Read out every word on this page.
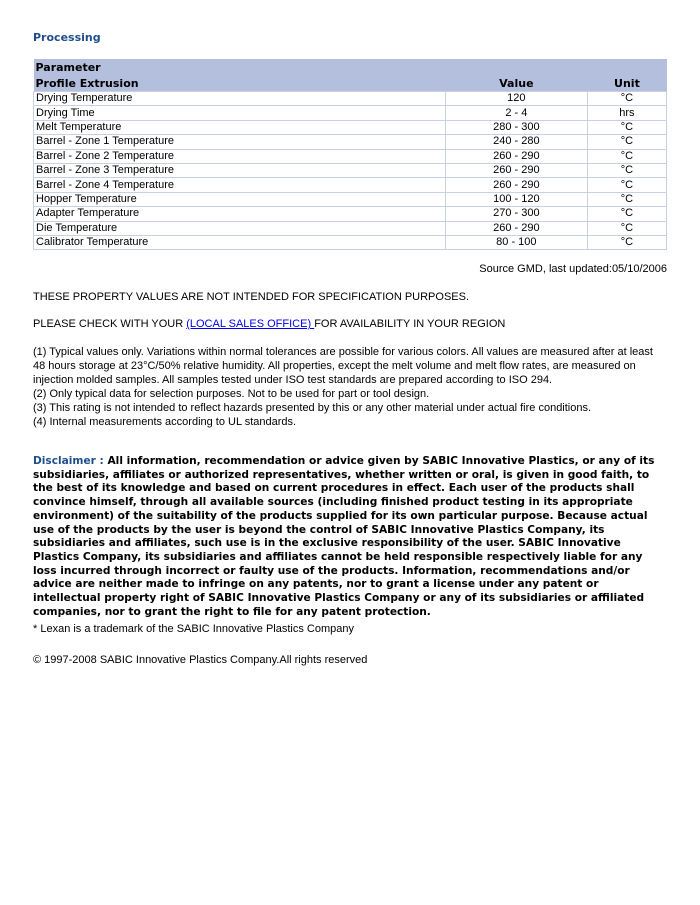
Processing
Parameter		
Profile Extrusion	Value	Unit
Drying Temperature	120	°C
Drying Time	2 - 4	hrs
Melt Temperature	280 - 300	°C
Barrel - Zone 1 Temperature	240 - 280	°C
Barrel - Zone 2 Temperature	260 - 290	°C
Barrel - Zone 3 Temperature	260 - 290	°C
Barrel - Zone 4 Temperature	260 - 290	°C
Hopper Temperature	100 - 120	°C
Adapter Temperature	270 - 300	°C
Die Temperature	260 - 290	°C
Calibrator Temperature	80 - 100	°C
Source GMD, last updated:05/10/2006
THESE PROPERTY VALUES ARE NOT INTENDED FOR SPECIFICATION PURPOSES.
PLEASE CHECK WITH YOUR (LOCAL SALES OFFICE) FOR AVAILABILITY IN YOUR REGION
(1) Typical values only. Variations within normal tolerances are possible for various colors. All values are measured after at least 48 hours storage at 23°C/50% relative humidity. All properties, except the melt volume and melt flow rates, are measured on injection molded samples. All samples tested under ISO test standards are prepared according to ISO 294.
(2) Only typical data for selection purposes. Not to be used for part or tool design.
(3) This rating is not intended to reflect hazards presented by this or any other material under actual fire conditions.
(4) Internal measurements according to UL standards.
Disclaimer : All information, recommendation or advice given by SABIC Innovative Plastics, or any of its subsidiaries, affiliates or authorized representatives, whether written or oral, is given in good faith, to the best of its knowledge and based on current procedures in effect. Each user of the products shall convince himself, through all available sources (including finished product testing in its appropriate environment) of the suitability of the products supplied for its own particular purpose. Because actual use of the products by the user is beyond the control of SABIC Innovative Plastics Company, its subsidiaries and affiliates, such use is in the exclusive responsibility of the user. SABIC Innovative Plastics Company, its subsidiaries and affiliates cannot be held responsible respectively liable for any loss incurred through incorrect or faulty use of the products. Information, recommendations and/or advice are neither made to infringe on any patents, nor to grant a license under any patent or intellectual property right of SABIC Innovative Plastics Company or any of its subsidiaries or affiliated companies, nor to grant the right to file for any patent protection.
* Lexan is a trademark of the SABIC Innovative Plastics Company
© 1997-2008 SABIC Innovative Plastics Company.All rights reserved
